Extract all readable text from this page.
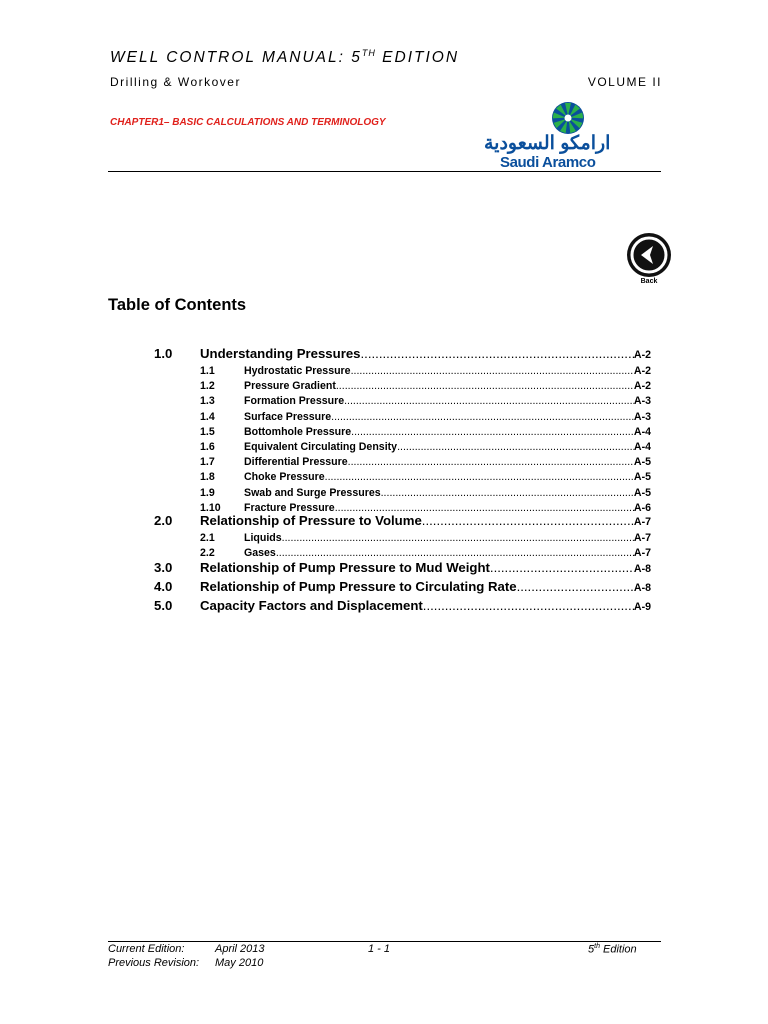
WELL CONTROL MANUAL: 5TH EDITION
Drilling & Workover	VOLUME II
CHAPTER1– BASIC CALCULATIONS AND TERMINOLOGY
ارامكو السعودية
Saudi Aramco
Back
Table of Contents
1.0	Understanding Pressures .....	A-2
1.1	Hydrostatic Pressure .....	A-2
1.2	Pressure Gradient .....	A-2
1.3	Formation Pressure .....	A-3
1.4	Surface Pressure .....	A-3
1.5	Bottomhole Pressure .....	A-4
1.6	Equivalent Circulating Density .....	A-4
1.7	Differential Pressure .....	A-5
1.8	Choke Pressure .....	A-5
1.9	Swab and Surge Pressures .....	A-5
1.10	Fracture Pressure .....	A-6
2.0	Relationship of Pressure to Volume .....	A-7
2.1	Liquids .....	A-7
2.2	Gases .....	A-7
3.0	Relationship of Pump Pressure to Mud Weight .....	A-8
4.0	Relationship of Pump Pressure to Circulating Rate .....	A-8
5.0	Capacity Factors and Displacement .....	A-9
Current Edition:	April 2013
Previous Revision: May 2010
1 - 1	5th Edition
